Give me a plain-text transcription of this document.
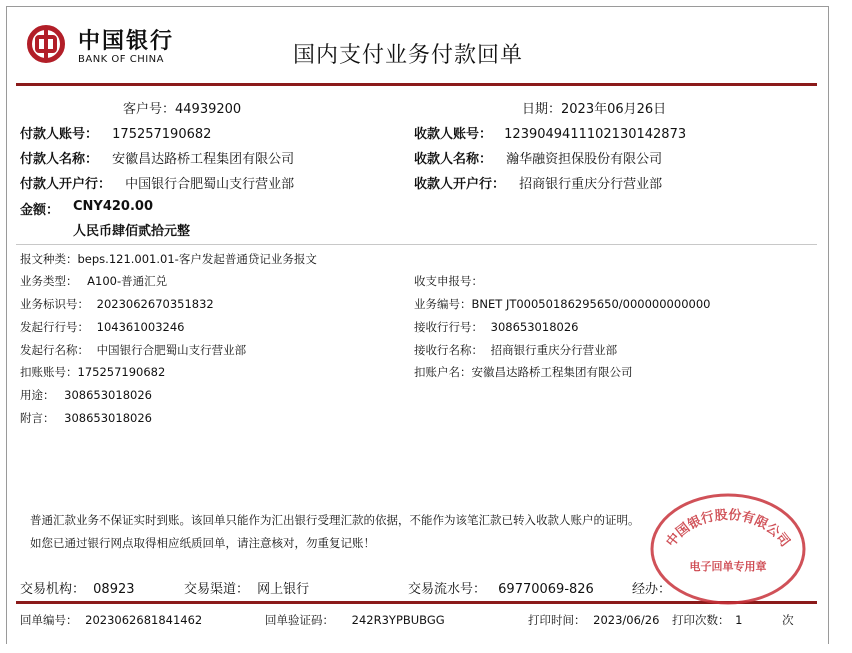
中国银行
BANK OF CHINA	国内支付业务付款回单
客户号：44939200	日期：2023年06月26日
付款人账号： 175257190682
付款人名称： 安徽昌达路桥工程集团有限公司
付款人开户行： 中国银行合肥蜀山支行营业部
收款人账号： 1239049411102130142873
收款人名称： 瀚华融资担保股份有限公司
收款人开户行： 招商银行重庆分行营业部
金额： CNY420.00
人民币肆佰贰拾元整
报文种类：beps.121.001.01-客户发起普通贷记业务报文
业务类型： A100-普通汇兑
业务标识号： 2023062670351832
发起行行号： 104361003246
发起行名称： 中国银行合肥蜀山支行营业部
扣账账号：175257190682
用途： 308653018026
附言： 308653018026
收支申报号：
业务编号：BNET JT00050186295650/000000000000
接收行行号： 308653018026
接收行名称： 招商银行重庆分行营业部
扣账户名：安徽昌达路桥工程集团有限公司
普通汇款业务不保证实时到账。该回单只能作为汇出银行受理汇款的依据，不能作为该笔汇款已转入收款人账户的证明。
如您已通过银行网点取得相应纸质回单，请注意核对，勿重复记账！
交易机构： 08923	交易渠道： 网上银行	交易流水号： 69770069-826	经办：
回单编号： 2023062681841462	回单验证码： 242R3YPBUBGG	打印时间： 2023/06/26 打印次数： 1	次
中国银行股份有限公司
电子回单专用章
